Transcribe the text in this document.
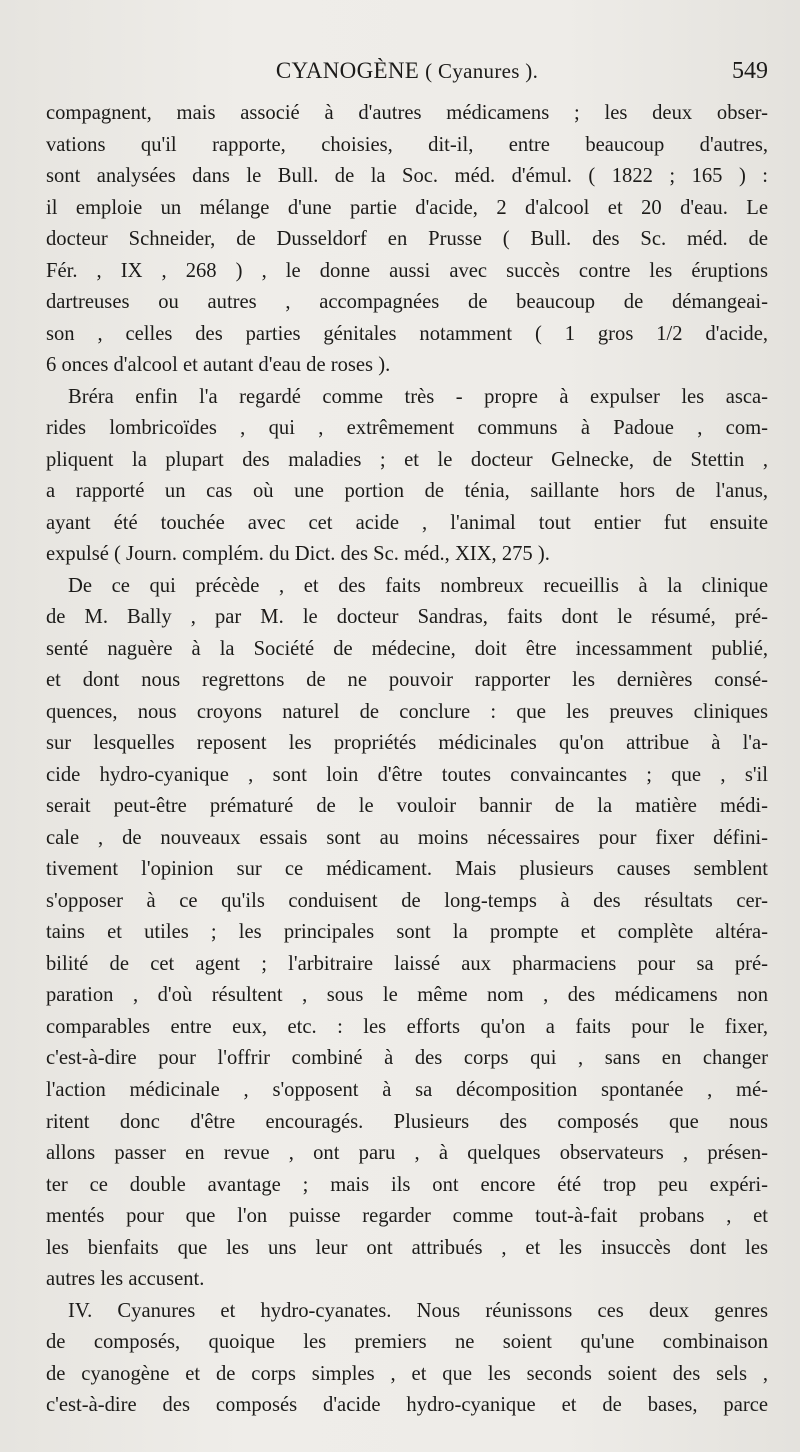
CYANOGÈNE ( Cyanures ).	549
compagnent, mais associé à d'autres médicamens ; les deux obser-
vations qu'il rapporte, choisies, dit-il, entre beaucoup d'autres,
sont analysées dans le Bull. de la Soc. méd. d'émul. ( 1822 ; 165 ) :
il emploie un mélange d'une partie d'acide, 2 d'alcool et 20 d'eau. Le
docteur Schneider, de Dusseldorf en Prusse ( Bull. des Sc. méd. de
Fér. , IX , 268 ) , le donne aussi avec succès contre les éruptions
dartreuses ou autres , accompagnées de beaucoup de démangeai-
son , celles des parties génitales notamment ( 1 gros 1/2 d'acide,
6 onces d'alcool et autant d'eau de roses ).
Bréra enfin l'a regardé comme très - propre à expulser les asca-
rides lombricoïdes , qui , extrêmement communs à Padoue , com-
pliquent la plupart des maladies ; et le docteur Gelnecke, de Stettin ,
a rapporté un cas où une portion de ténia, saillante hors de l'anus,
ayant été touchée avec cet acide , l'animal tout entier fut ensuite
expulsé ( Journ. complém. du Dict. des Sc. méd., XIX, 275 ).
De ce qui précède , et des faits nombreux recueillis à la clinique
de M. Bally , par M. le docteur Sandras, faits dont le résumé, pré-
senté naguère à la Société de médecine, doit être incessamment publié,
et dont nous regrettons de ne pouvoir rapporter les dernières consé-
quences, nous croyons naturel de conclure : que les preuves cliniques
sur lesquelles reposent les propriétés médicinales qu'on attribue à l'a-
cide hydro-cyanique , sont loin d'être toutes convaincantes ; que , s'il
serait peut-être prématuré de le vouloir bannir de la matière médi-
cale , de nouveaux essais sont au moins nécessaires pour fixer défini-
tivement l'opinion sur ce médicament. Mais plusieurs causes semblent
s'opposer à ce qu'ils conduisent de long-temps à des résultats cer-
tains et utiles ; les principales sont la prompte et complète altéra-
bilité de cet agent ; l'arbitraire laissé aux pharmaciens pour sa pré-
paration , d'où résultent , sous le même nom , des médicamens non
comparables entre eux, etc. : les efforts qu'on a faits pour le fixer,
c'est-à-dire pour l'offrir combiné à des corps qui , sans en changer
l'action médicinale , s'opposent à sa décomposition spontanée , mé-
ritent donc d'être encouragés. Plusieurs des composés que nous
allons passer en revue , ont paru , à quelques observateurs , présen-
ter ce double avantage ; mais ils ont encore été trop peu expéri-
mentés pour que l'on puisse regarder comme tout-à-fait probans , et
les bienfaits que les uns leur ont attribués , et les insuccès dont les
autres les accusent.
IV. Cyanures et hydro-cyanates. Nous réunissons ces deux genres
de composés, quoique les premiers ne soient qu'une combinaison
de cyanogène et de corps simples , et que les seconds soient des sels ,
c'est-à-dire des composés d'acide hydro-cyanique et de bases, parce
